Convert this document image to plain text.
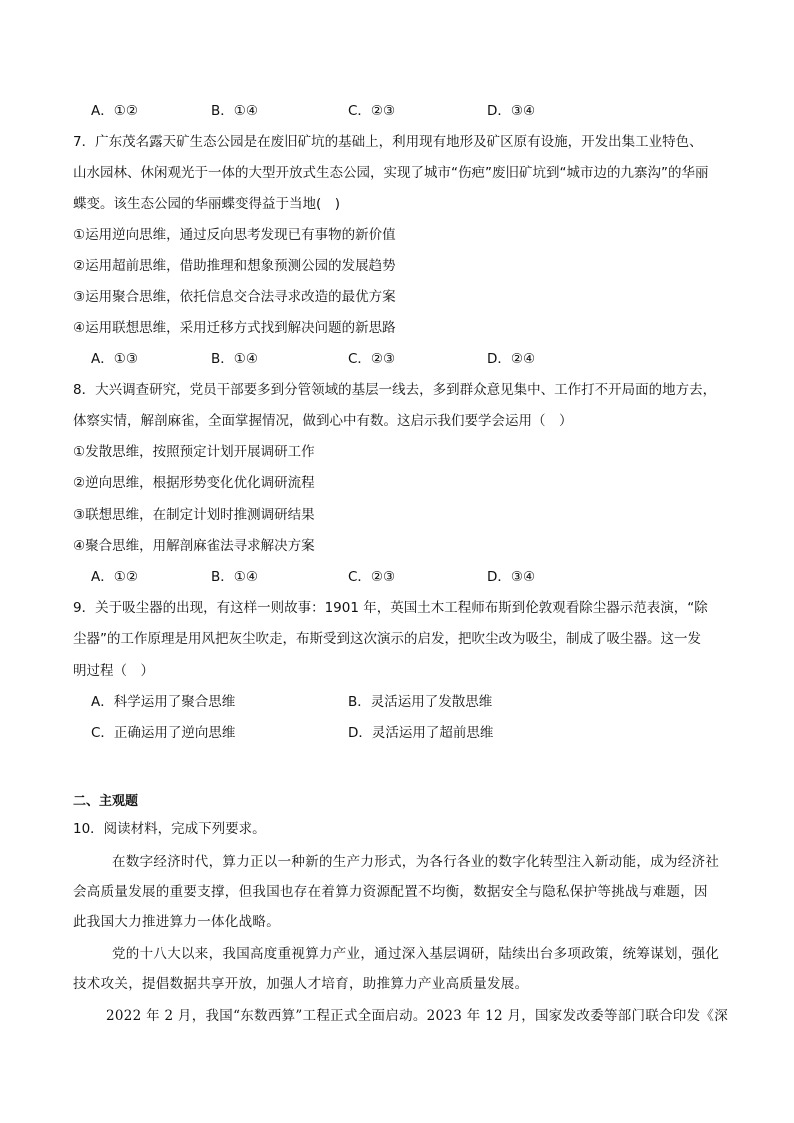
A．①②	B．①④	C．②③	D．③④
7．广东茂名露天矿生态公园是在废旧矿坑的基础上，利用现有地形及矿区原有设施，开发出集工业特色、
山水园林、休闲观光于一体的大型开放式生态公园，实现了城市“伤疤”废旧矿坑到“城市边的九寨沟”的华丽
蝶变。该生态公园的华丽蝶变得益于当地(　)
①运用逆向思维，通过反向思考发现已有事物的新价值
②运用超前思维，借助推理和想象预测公园的发展趋势
③运用聚合思维，依托信息交合法寻求改造的最优方案
④运用联想思维，采用迁移方式找到解决问题的新思路
A．①③	B．①④	C．②③	D．②④
8．大兴调查研究，党员干部要多到分管领域的基层一线去，多到群众意见集中、工作打不开局面的地方去，
体察实情，解剖麻雀，全面掌握情况，做到心中有数。这启示我们要学会运用（　）
①发散思维，按照预定计划开展调研工作
②逆向思维，根据形势变化优化调研流程
③联想思维，在制定计划时推测调研结果
④聚合思维，用解剖麻雀法寻求解决方案
A．①②	B．①④	C．②③	D．③④
9．关于吸尘器的出现，有这样一则故事：1901 年，英国土木工程师布斯到伦敦观看除尘器示范表演，“除
尘器”的工作原理是用风把灰尘吹走，布斯受到这次演示的启发，把吹尘改为吸尘，制成了吸尘器。这一发
明过程（　）
A．科学运用了聚合思维	B．灵活运用了发散思维
C．正确运用了逆向思维	D．灵活运用了超前思维
二、主观题
10．阅读材料，完成下列要求。
在数字经济时代，算力正以一种新的生产力形式，为各行各业的数字化转型注入新动能，成为经济社
会高质量发展的重要支撑，但我国也存在着算力资源配置不均衡，数据安全与隐私保护等挑战与难题，因
此我国大力推进算力一体化战略。
党的十八大以来，我国高度重视算力产业，通过深入基层调研，陆续出台多项政策，统筹谋划，强化
技术攻关，提倡数据共享开放，加强人才培育，助推算力产业高质量发展。
2022 年 2 月，我国“东数西算”工程正式全面启动。2023 年 12 月，国家发改委等部门联合印发《深
